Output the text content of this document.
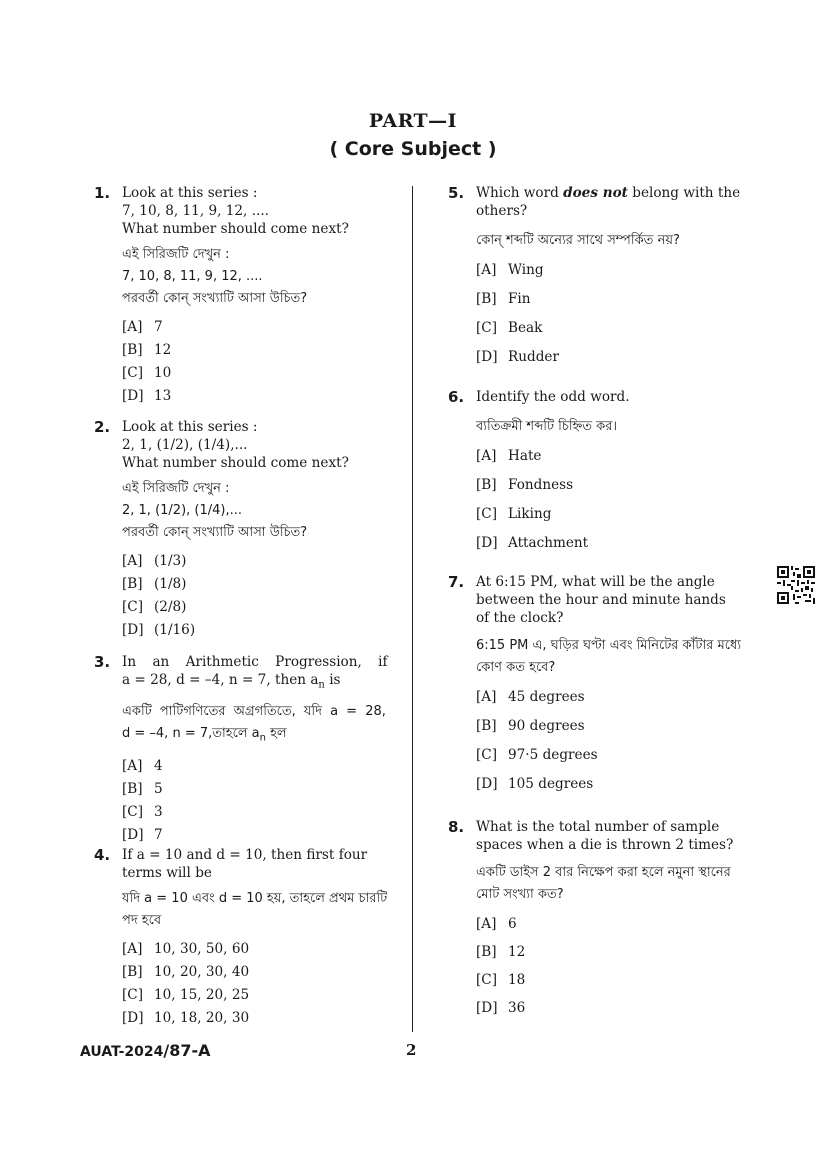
PART—I
( Core Subject )
1. Look at this series :
7, 10, 8, 11, 9, 12, ....
What number should come next?
এই সিরিজটি দেখুন :
7, 10, 8, 11, 9, 12, ....
পরবর্তী কোন্ সংখ্যাটি আসা উচিত?
[A] 7
[B] 12
[C] 10
[D] 13
2. Look at this series :
2, 1, (1/2), (1/4),...
What number should come next?
এই সিরিজটি দেখুন :
2, 1, (1/2), (1/4),...
পরবর্তী কোন্ সংখ্যাটি আসা উচিত?
[A] (1/3)
[B] (1/8)
[C] (2/8)
[D] (1/16)
3. In an Arithmetic Progression, if
a = 28, d = –4, n = 7, then $a_n$ is
একটি পাটিগণিতের অগ্রগতিতে, যদি a = 28,
d = –4, n = 7,তাহলে $a_n$ হল
[A] 4
[B] 5
[C] 3
[D] 7
4. If a = 10 and d = 10, then first four
terms will be
যদি a = 10 এবং d = 10 হয়, তাহলে প্রথম চারটি
পদ হবে
[A] 10, 30, 50, 60
[B] 10, 20, 30, 40
[C] 10, 15, 20, 25
[D] 10, 18, 20, 30
5. Which word does not belong with the
others?
কোন্ শব্দটি অন্যের সাথে সম্পর্কিত নয়?
[A] Wing
[B] Fin
[C] Beak
[D] Rudder
6. Identify the odd word.
ব্যতিক্রমী শব্দটি চিহ্নিত কর।
[A] Hate
[B] Fondness
[C] Liking
[D] Attachment
7. At 6:15 PM, what will be the angle
between the hour and minute hands
of the clock?
6:15 PM এ, ঘড়ির ঘণ্টা এবং মিনিটের কাঁটার মধ্যে
কোণ কত হবে?
[A] 45 degrees
[B] 90 degrees
[C] 97·5 degrees
[D] 105 degrees
8. What is the total number of sample
spaces when a die is thrown 2 times?
একটি ডাইস 2 বার নিক্ষেপ করা হলে নমুনা স্থানের
মোট সংখ্যা কত?
[A] 6
[B] 12
[C] 18
[D] 36
AUAT-2024/87-A	2
